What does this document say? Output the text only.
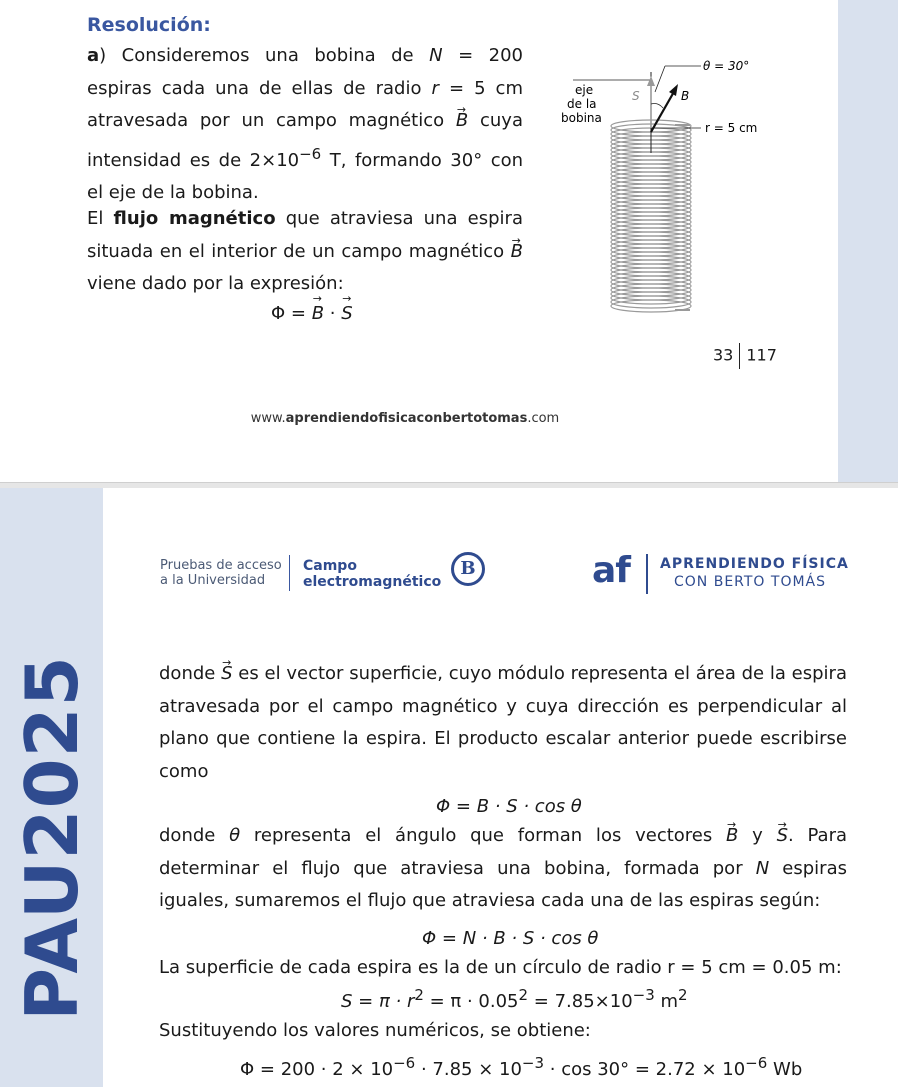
Resolución:

a) Consideremos una bobina de N = 200 espiras cada una de ellas de radio r = 5 cm atravesada por un campo magnético → B cuya intensidad es de $2\times 10^{-6}$ T, formando 30° con el eje de la bobina.

El flujo magnético que atraviesa una espira situada en el interior de un campo magnético → B viene dado por la expresión:

Φ = → B · → S
θ = 30°
eje
de la
bobina
S	B
r = 5 cm
33 117
www.aprendiendofisicaconbertotomas.com
PAU2025
Pruebas de acceso
a la Universidad
Campo
electromagnético
B	af APRENDIENDO FÍSICA
CON BERTO TOMÁS

donde → S es el vector superficie, cuyo módulo representa el área de la espira atravesada por el campo magnético y cuya dirección es perpendicular al plano que contiene la espira. El producto escalar anterior puede escribirse como

Φ = B · S · cos θ

donde θ representa el ángulo que forman los vectores → B y → S. Para determinar el flujo que atraviesa una bobina, formada por N espiras iguales, sumaremos el flujo que atraviesa cada una de las espiras según:

Φ = N · B · S · cos θ

La superficie de cada espira es la de un círculo de radio r = 5 cm = 0.05 m:

$S = \pi \cdot r^2 = \pi \cdot 0.05^2 = 7.85\times 10^{-3}$ $m^2$

Sustituyendo los valores numéricos, se obtiene:

$\Phi = 200 \cdot 2 \times 10^{-6} \cdot 7.85 \times 10^{-3} \cdot \cos 30^\circ = 2.72 \times 10^{-6}$ Wb
